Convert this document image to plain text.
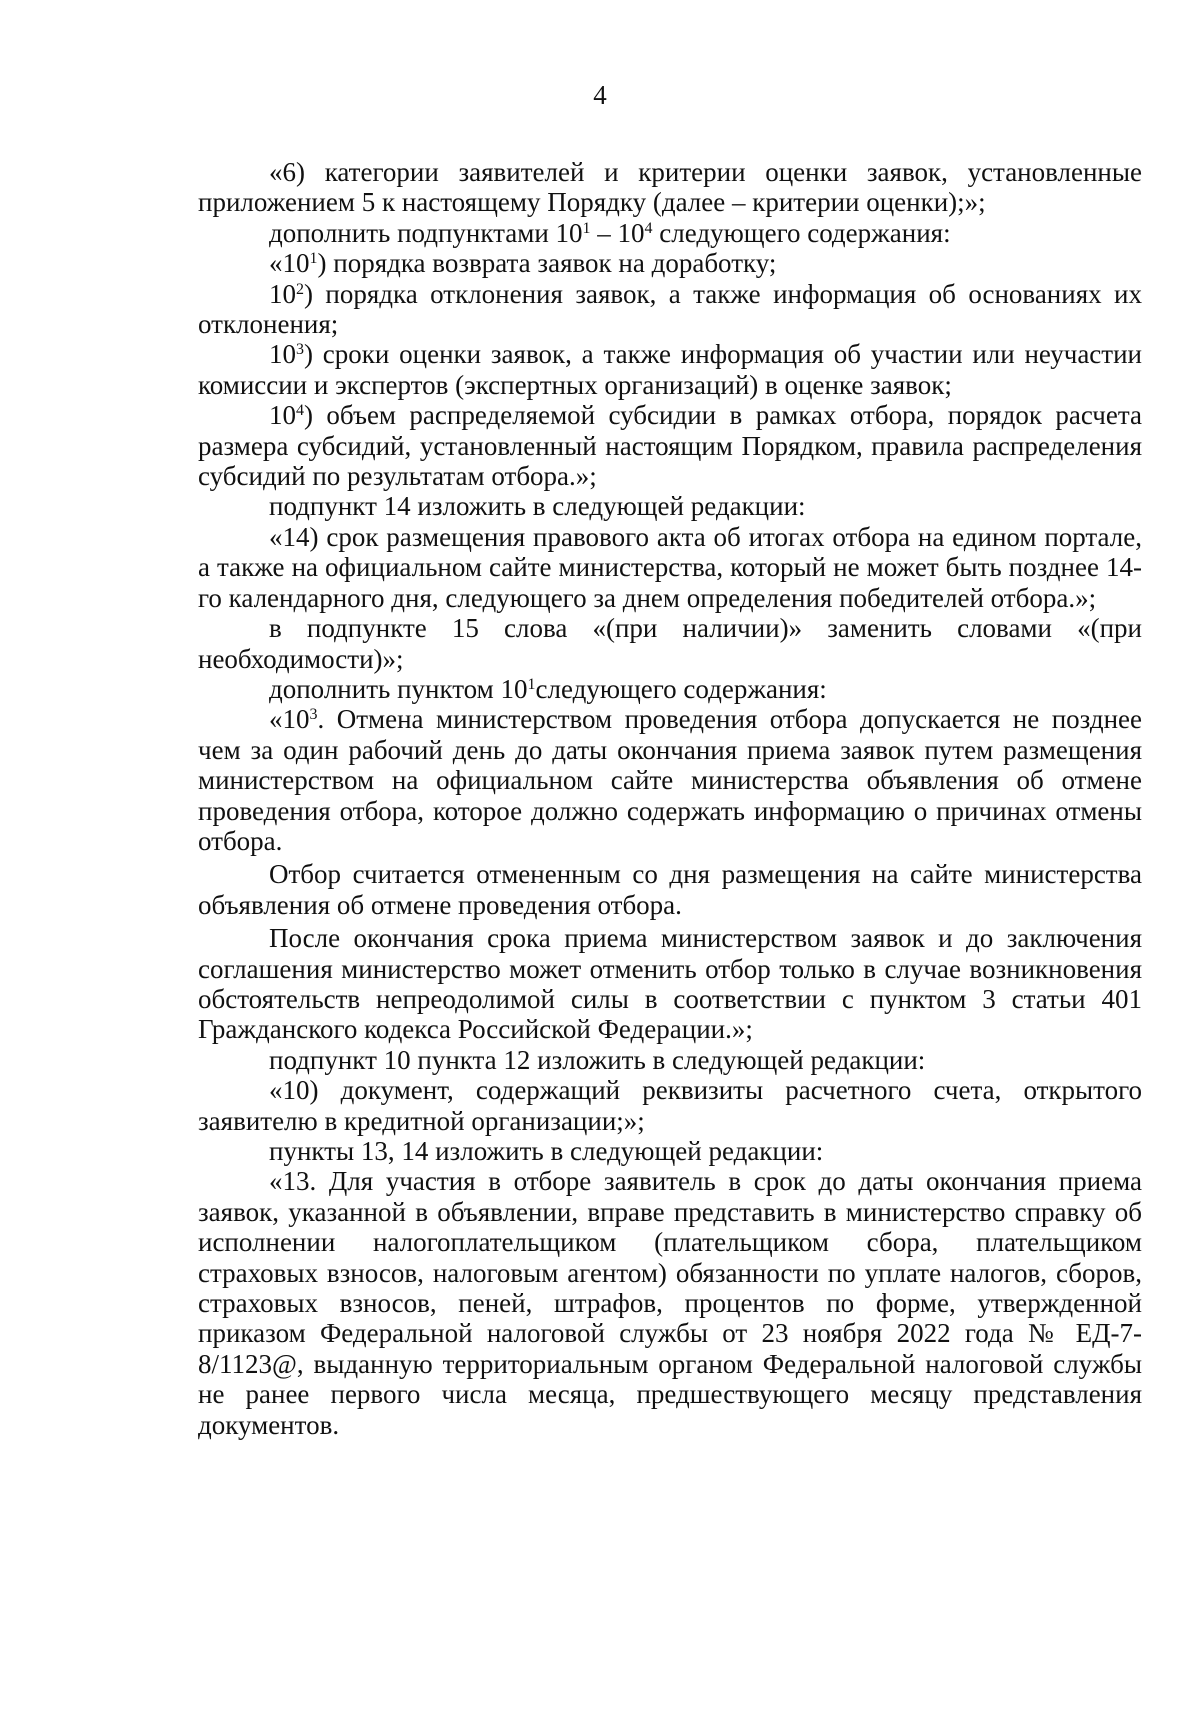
4

«6) категории заявителей и критерии оценки заявок, установленные приложением 5 к настоящему Порядку (далее – критерии оценки);»;

дополнить подпунктами $10^1 - 10^4$ следующего содержания:

«$10^1$) порядка возврата заявок на доработку;

$10^2$) порядка отклонения заявок, а также информация об основаниях их отклонения;

$10^3$) сроки оценки заявок, а также информация об участии или неучастии комиссии и экспертов (экспертных организаций) в оценке заявок;

$10^4$) объем распределяемой субсидии в рамках отбора, порядок расчета размера субсидий, установленный настоящим Порядком, правила распределения субсидий по результатам отбора.»;

подпункт 14 изложить в следующей редакции:

«14) срок размещения правового акта об итогах отбора на едином портале, а также на официальном сайте министерства, который не может быть позднее 14-го календарного дня, следующего за днем определения победителей отбора.»;

в подпункте 15 слова «(при наличии)» заменить словами «(при необходимости)»;

дополнить пунктом $10^1следующего$ содержания:

«$10^3$. Отмена министерством проведения отбора допускается не позднее чем за один рабочий день до даты окончания приема заявок путем размещения министерством на официальном сайте министерства объявления об отмене проведения отбора, которое должно содержать информацию о причинах отмены отбора.

Отбор считается отмененным со дня размещения на сайте министерства объявления об отмене проведения отбора.

После окончания срока приема министерством заявок и до заключения соглашения министерство может отменить отбор только в случае возникновения обстоятельств непреодолимой силы в соответствии с пунктом 3 статьи 401 Гражданского кодекса Российской Федерации.»;

подпункт 10 пункта 12 изложить в следующей редакции:

«10) документ, содержащий реквизиты расчетного счета, открытого заявителю в кредитной организации;»;

пункты 13, 14 изложить в следующей редакции:

«13. Для участия в отборе заявитель в срок до даты окончания приема заявок, указанной в объявлении, вправе представить в министерство справку об исполнении налогоплательщиком (плательщиком сбора, плательщиком страховых взносов, налоговым агентом) обязанности по уплате налогов, сборов, страховых взносов, пеней, штрафов, процентов по форме, утвержденной приказом Федеральной налоговой службы от 23 ноября 2022 года № ЕД-7-8/1123@, выданную территориальным органом Федеральной налоговой службы не ранее первого числа месяца, предшествующего месяцу представления документов.
